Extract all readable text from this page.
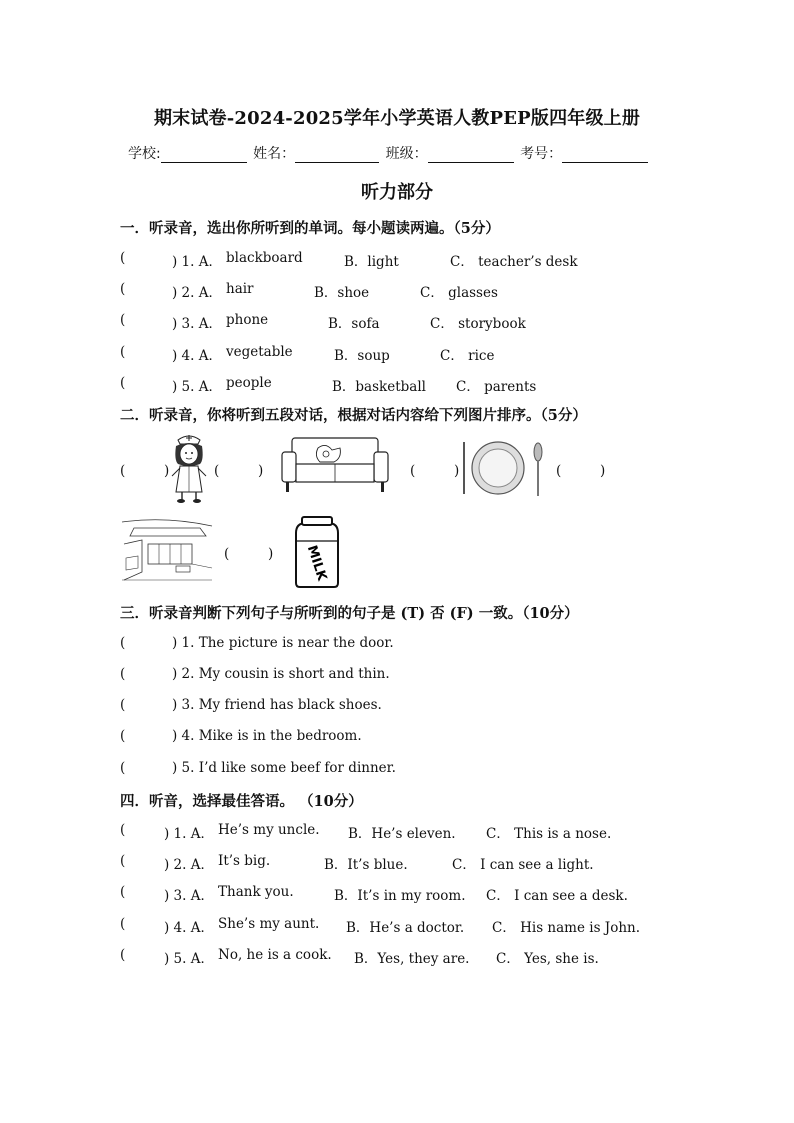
期末试卷-2024-2025学年小学英语人教PEP版四年级上册
学校:	姓名：	班级：	考号：
听力部分
一．听录音，选出你所听到的单词。每小题读两遍。（5分）
(	) 1. A． blackboard	B．light	C． teacher’s desk
(	) 2. A． hair	B．shoe	C． glasses
(	) 3. A． phone	B．sofa	C． storybook
(	) 4. A． vegetable	B．soup	C． rice
(	) 5. A． people	B．basketball C． parents
二．听录音，你将听到五段对话，根据对话内容给下列图片排序。（5分）
(	)	(	)	(	)	(	)
(	) MILK
三．听录音判断下列句子与所听到的句子是 (T) 否 (F) 一致。（10分）
(	) 1. The picture is near the door.
(	) 2. My cousin is short and thin.
(	) 3. My friend has black shoes.
(	) 4. Mike is in the bedroom.
(	) 5. I’d like some beef for dinner.
四．听音，选择最佳答语。 （10分）
(	) 1. A． He’s my uncle. B．He’s eleven. C． This is a nose.
(	) 2. A． It’s big.	B．It’s blue.	C． I can see a light.
(	) 3. A． Thank you.	B．It’s in my room. C． I can see a desk.
(	) 4. A． She’s my aunt. B．He’s a doctor. C． His name is John.
(	) 5. A． No, he is a cook. B．Yes, they are. C． Yes, she is.
